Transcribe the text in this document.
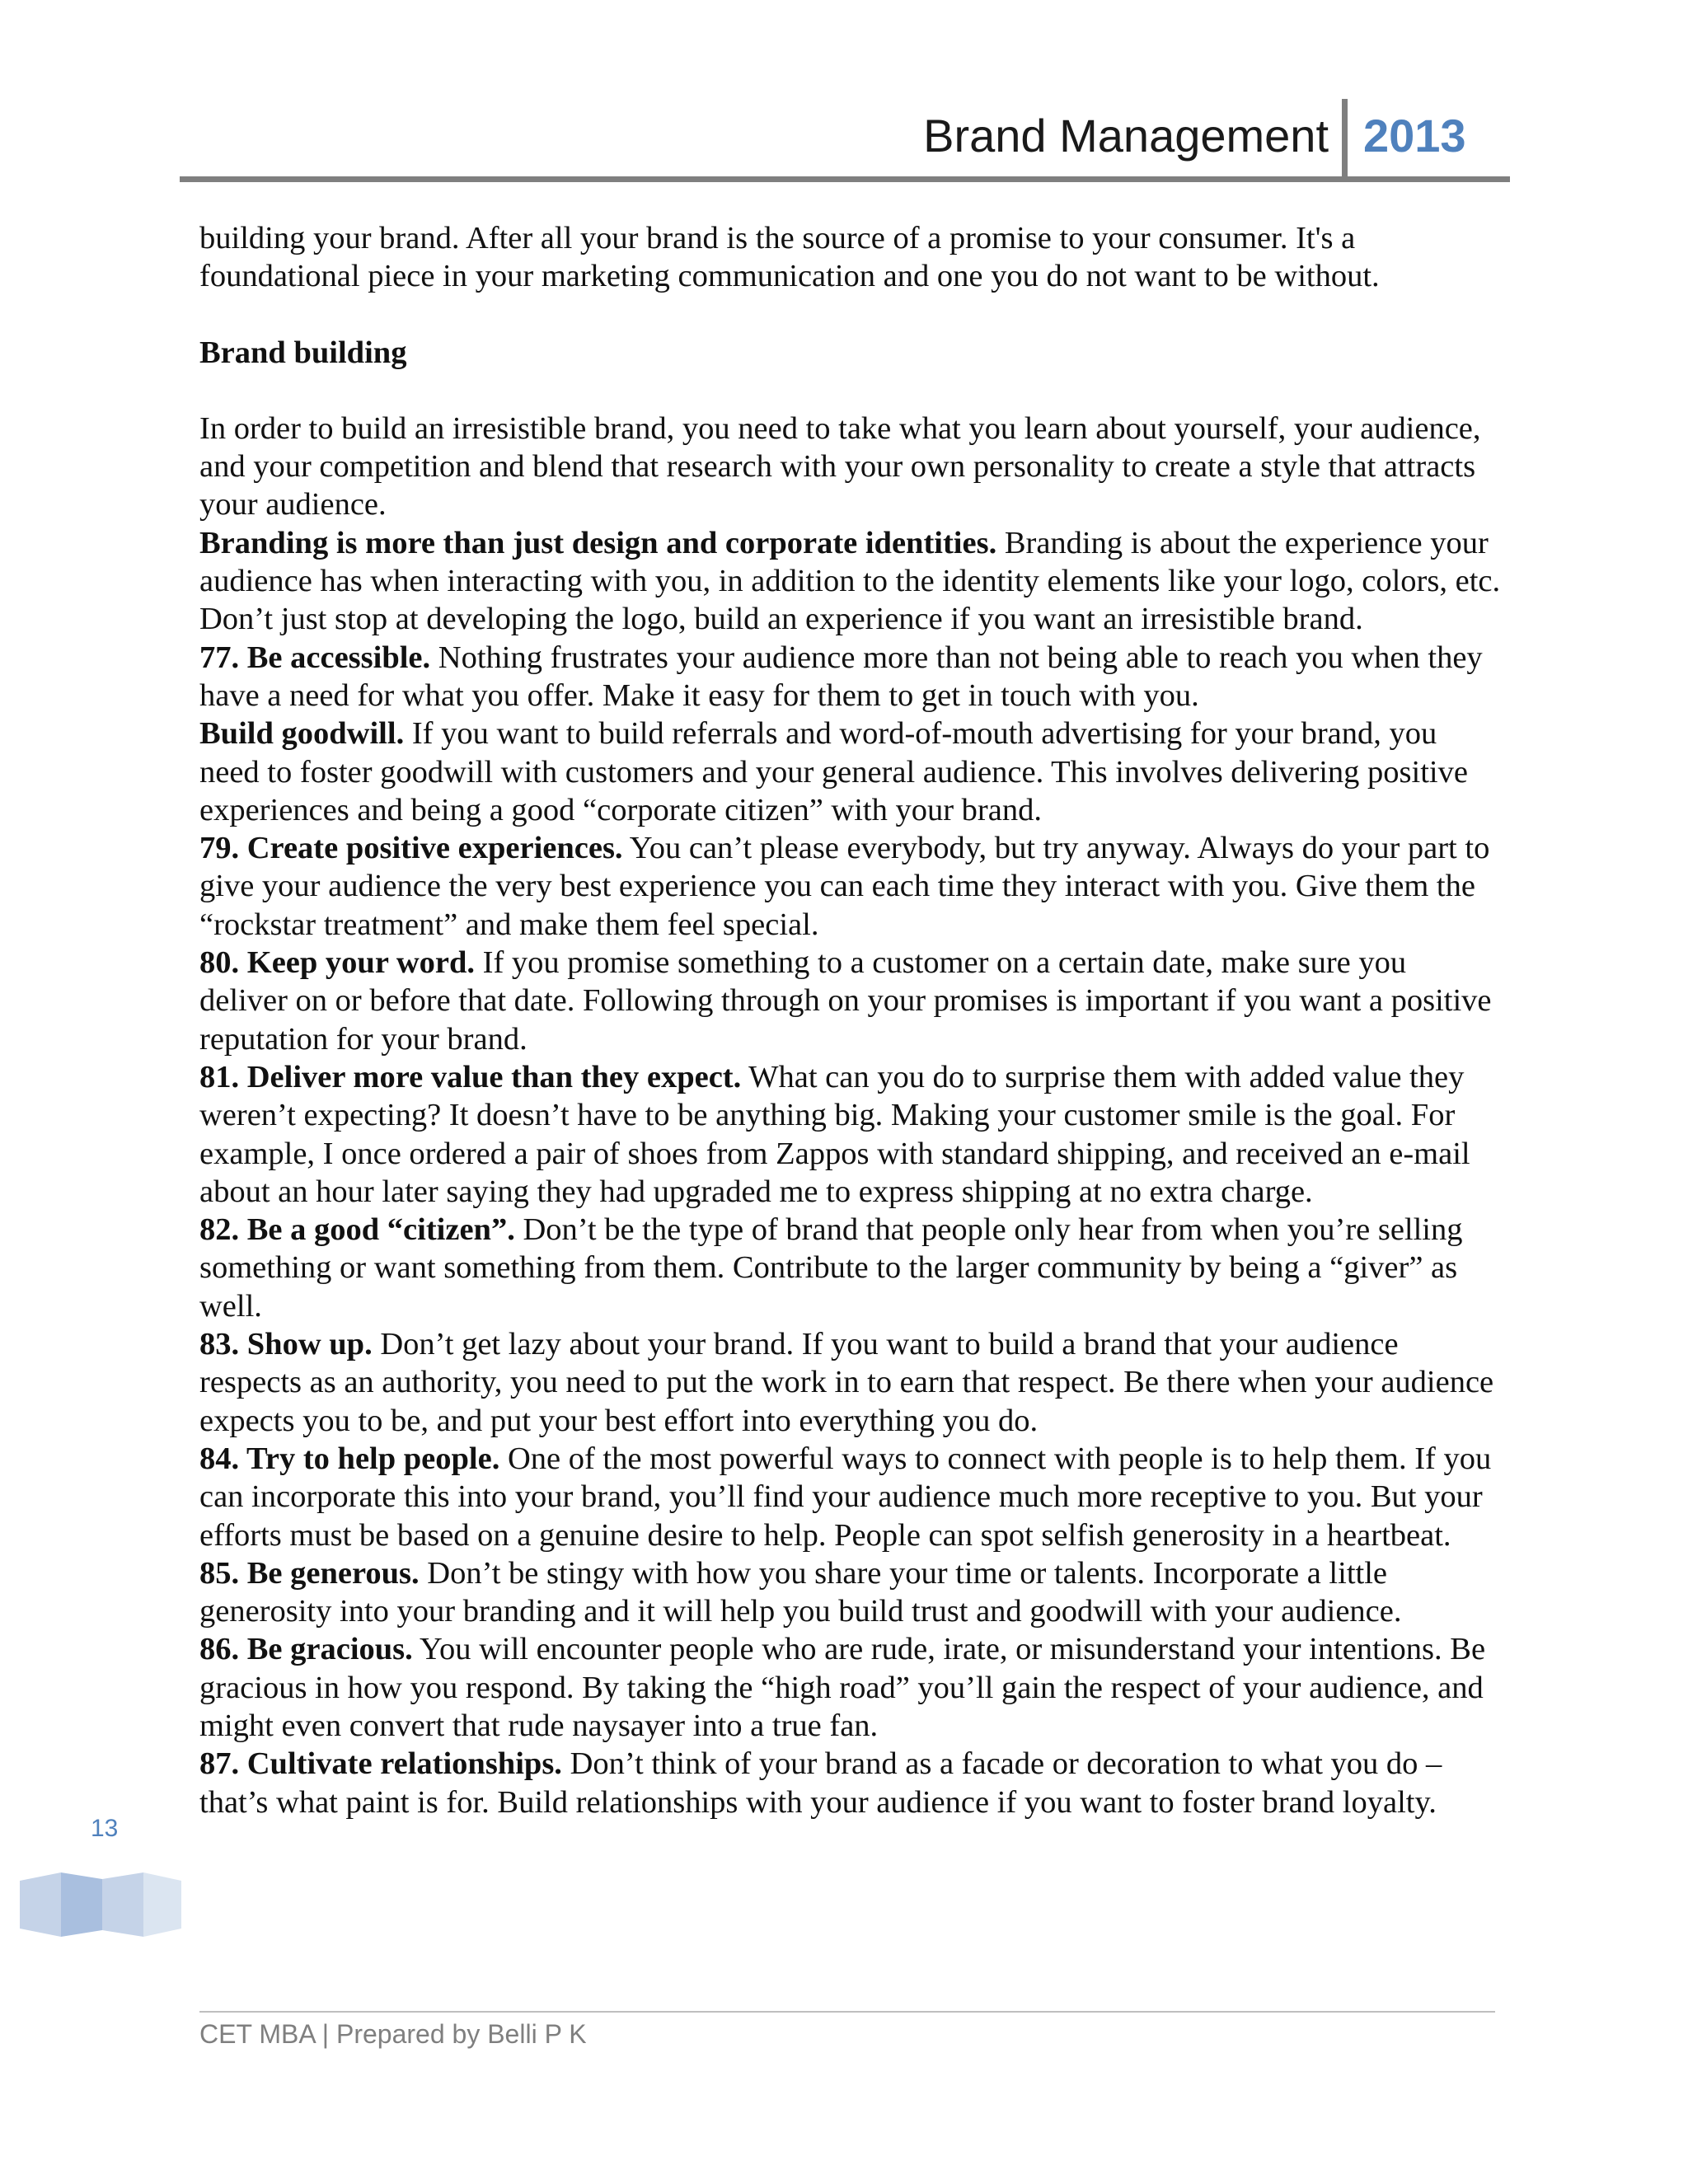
Brand Management 2013

building your brand. After all your brand is the source of a promise to your consumer. It's a foundational piece in your marketing communication and one you do not want to be without.

Brand building

In order to build an irresistible brand, you need to take what you learn about yourself, your audience, and your competition and blend that research with your own personality to create a style that attracts your audience.

Branding is more than just design and corporate identities. Branding is about the experience your audience has when interacting with you, in addition to the identity elements like your logo, colors, etc. Don’t just stop at developing the logo, build an experience if you want an irresistible brand.

77. Be accessible. Nothing frustrates your audience more than not being able to reach you when they have a need for what you offer. Make it easy for them to get in touch with you.

Build goodwill. If you want to build referrals and word-of-mouth advertising for your brand, you need to foster goodwill with customers and your general audience. This involves delivering positive experiences and being a good “corporate citizen” with your brand.

79. Create positive experiences. You can’t please everybody, but try anyway. Always do your part to give your audience the very best experience you can each time they interact with you. Give them the “rockstar treatment” and make them feel special.

80. Keep your word. If you promise something to a customer on a certain date, make sure you deliver on or before that date. Following through on your promises is important if you want a positive reputation for your brand.

81. Deliver more value than they expect. What can you do to surprise them with added value they weren’t expecting? It doesn’t have to be anything big. Making your customer smile is the goal. For example, I once ordered a pair of shoes from Zappos with standard shipping, and received an e-mail about an hour later saying they had upgraded me to express shipping at no extra charge.

82. Be a good “citizen”. Don’t be the type of brand that people only hear from when you’re selling something or want something from them. Contribute to the larger community by being a “giver” as well.

83. Show up. Don’t get lazy about your brand. If you want to build a brand that your audience respects as an authority, you need to put the work in to earn that respect. Be there when your audience expects you to be, and put your best effort into everything you do.

84. Try to help people. One of the most powerful ways to connect with people is to help them. If you can incorporate this into your brand, you’ll find your audience much more receptive to you. But your efforts must be based on a genuine desire to help. People can spot selfish generosity in a heartbeat.

85. Be generous. Don’t be stingy with how you share your time or talents. Incorporate a little generosity into your branding and it will help you build trust and goodwill with your audience.

86. Be gracious. You will encounter people who are rude, irate, or misunderstand your intentions. Be gracious in how you respond. By taking the “high road” you’ll gain the respect of your audience, and might even convert that rude naysayer into a true fan.

87. Cultivate relationships. Don’t think of your brand as a facade or decoration to what you do – that’s what paint is for. Build relationships with your audience if you want to foster brand loyalty.

13
CET MBA | Prepared by Belli P K
